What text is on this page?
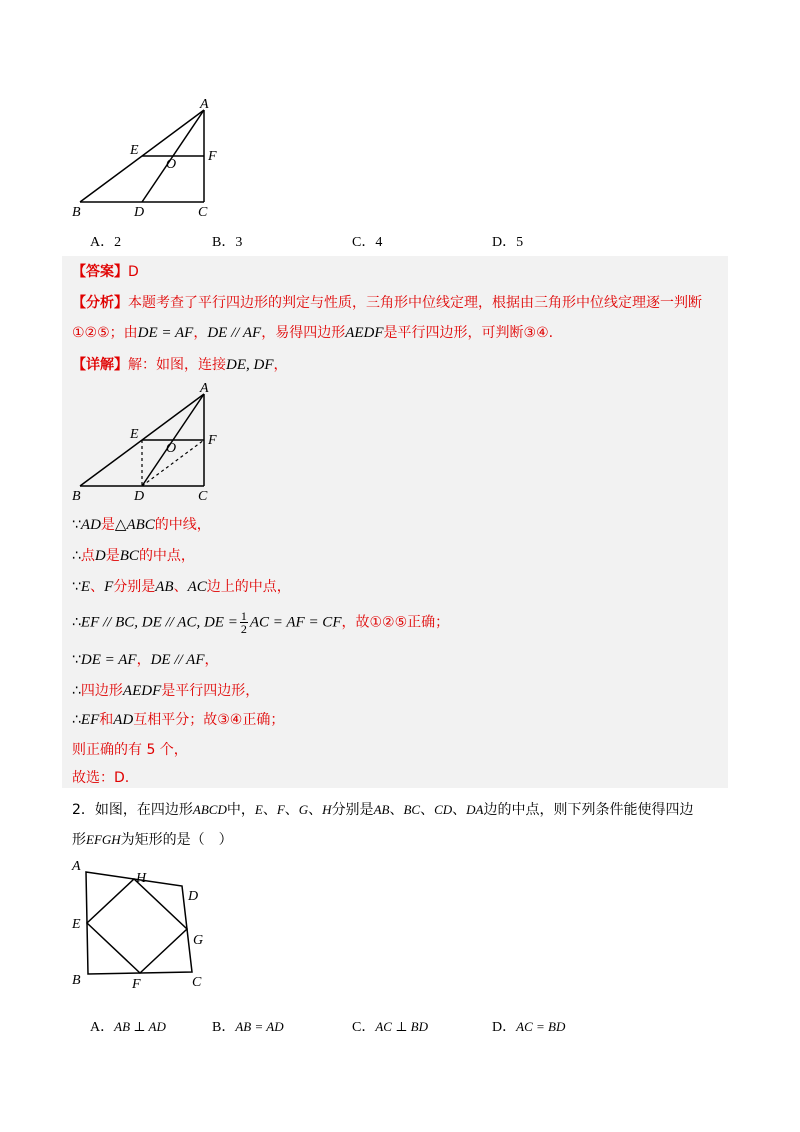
A
E
O
F
B	D	C
A．2	B．3	C．4	D．5
【答案】D
【分析】本题考查了平行四边形的判定与性质，三角形中位线定理，根据由三角形中位线定理逐一判断
①②⑤；由DE = AF，DE // AF，易得四边形AEDF是平行四边形，可判断③④.
【详解】解：如图，连接DE, DF，
A
E
O
F
B	D	C
∵AD是△ABC的中线，
∴点D是BC的中点，
∵E、F分别是AB、AC边上的中点，
∴EF // BC, DE // AC, DE = $\frac{1}{2}$ AC = AF = CF，故①②⑤正确；
∵DE = AF，DE // AF，
∴四边形AEDF是平行四边形，
∴EF和AD互相平分；故③④正确；
则正确的有 5 个，
故选：D.
2．如图，在四边形ABCD中，E、F、G、H分别是AB、BC、CD、DA边的中点，则下列条件能使得四边
形EFGH为矩形的是（　）
A
H
D
E
G
B	F	C
A．AB ⊥ AD	B．AB = AD	C．AC ⊥ BD	D．AC = BD
